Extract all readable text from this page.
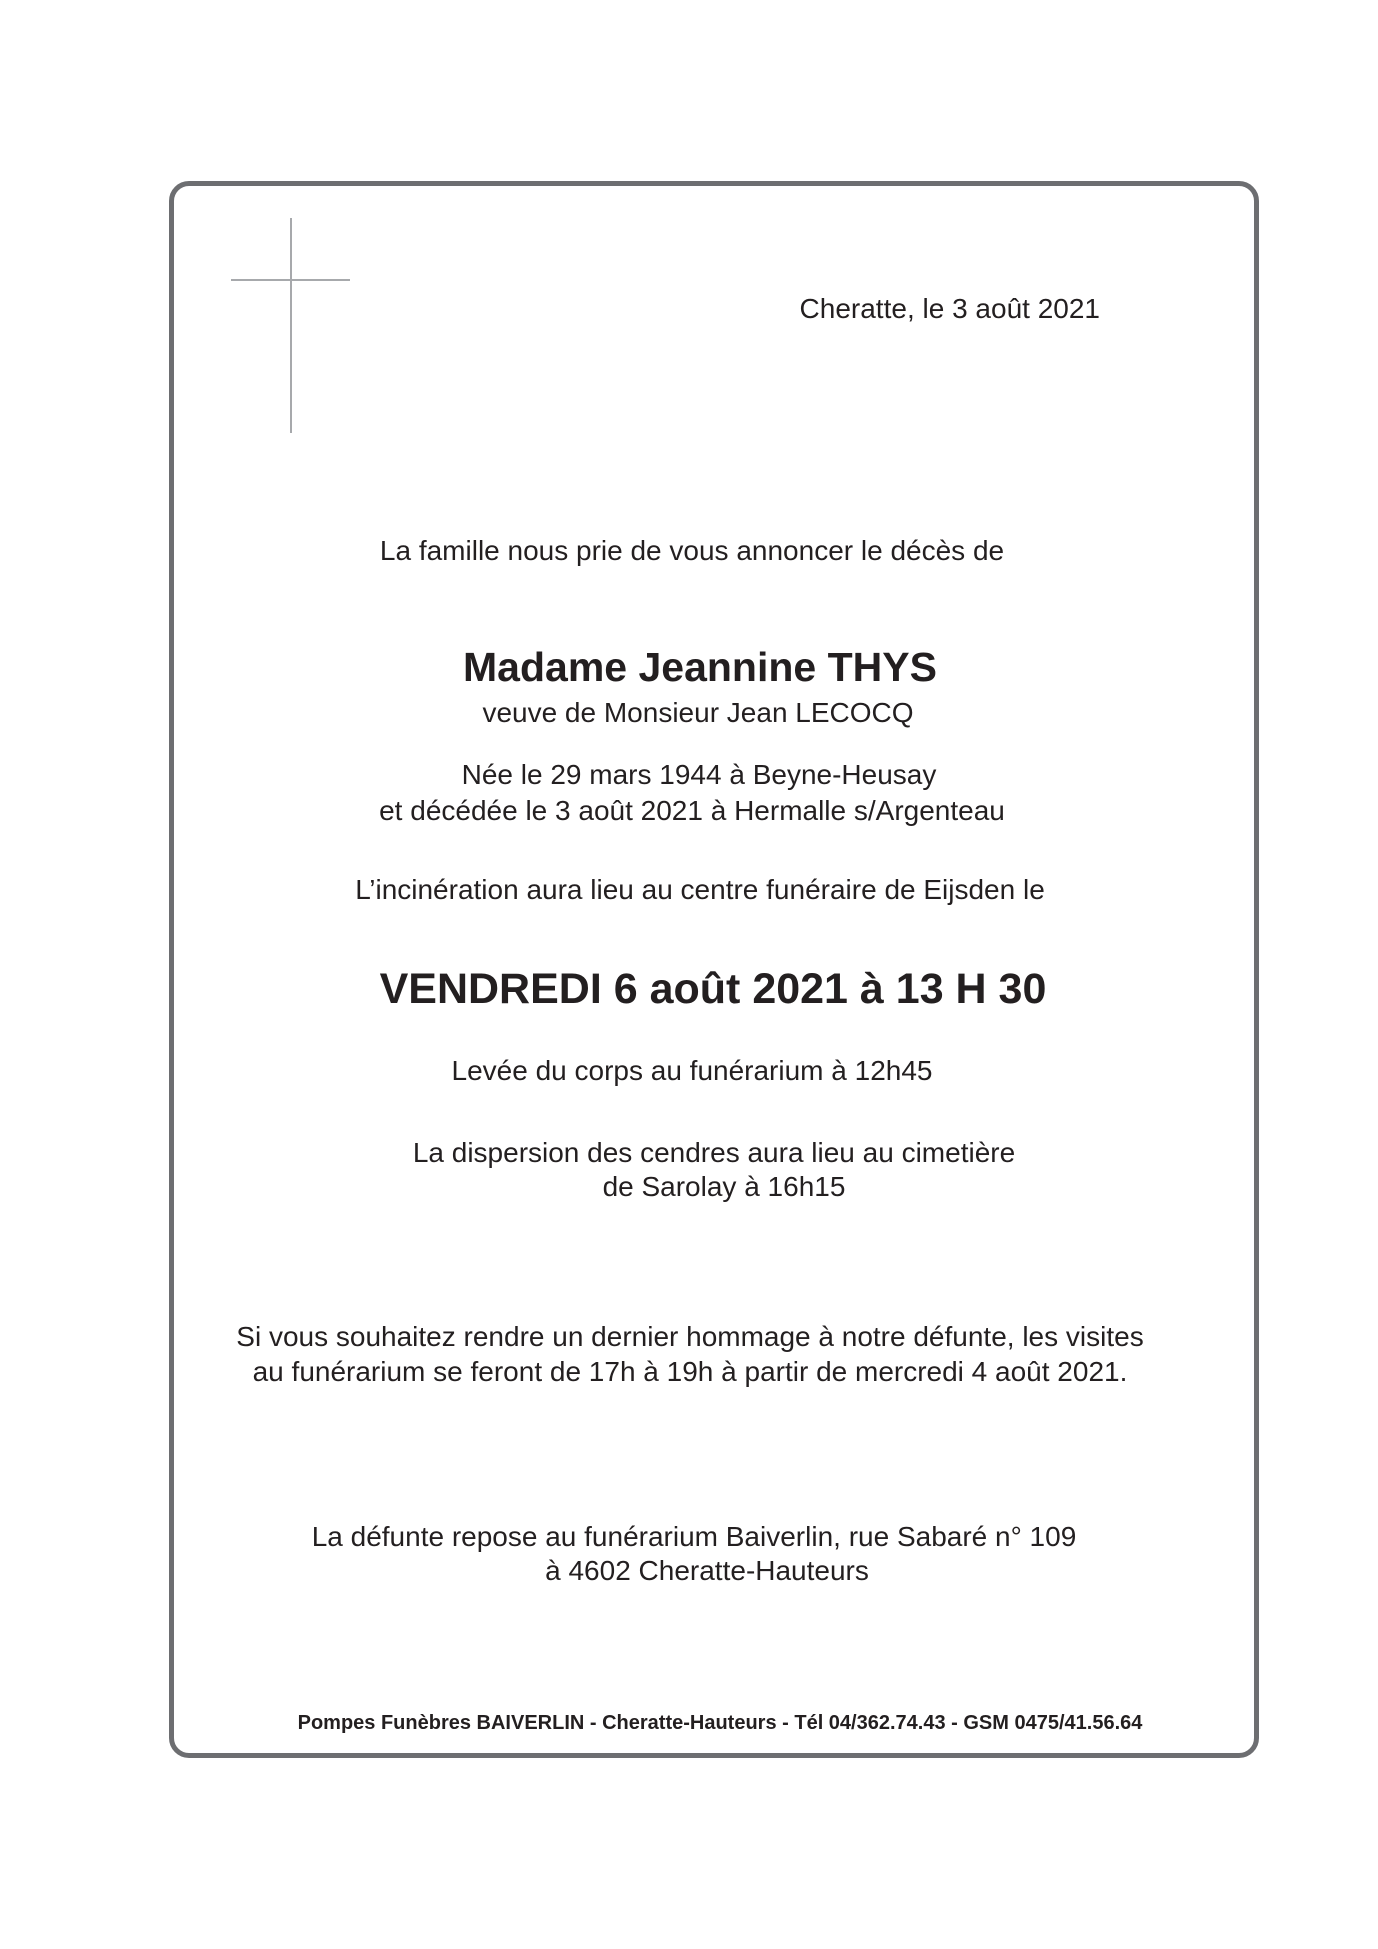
Cheratte, le 3 août 2021
La famille nous prie de vous annoncer le décès de
Madame Jeannine THYS
veuve de Monsieur Jean LECOCQ
Née le 29 mars 1944 à Beyne-Heusay
et décédée le 3 août 2021 à Hermalle s/Argenteau
L’incinération aura lieu au centre funéraire de Eijsden le
VENDREDI 6 août 2021 à 13 H 30
Levée du corps au funérarium à 12h45
La dispersion des cendres aura lieu au cimetière
de Sarolay à 16h15
Si vous souhaitez rendre un dernier hommage à notre défunte, les visites
au funérarium se feront de 17h à 19h à partir de mercredi 4 août 2021.
La défunte repose au funérarium Baiverlin, rue Sabaré n° 109
à 4602 Cheratte-Hauteurs
Pompes Funèbres BAIVERLIN - Cheratte-Hauteurs - Tél 04/362.74.43 - GSM 0475/41.56.64
